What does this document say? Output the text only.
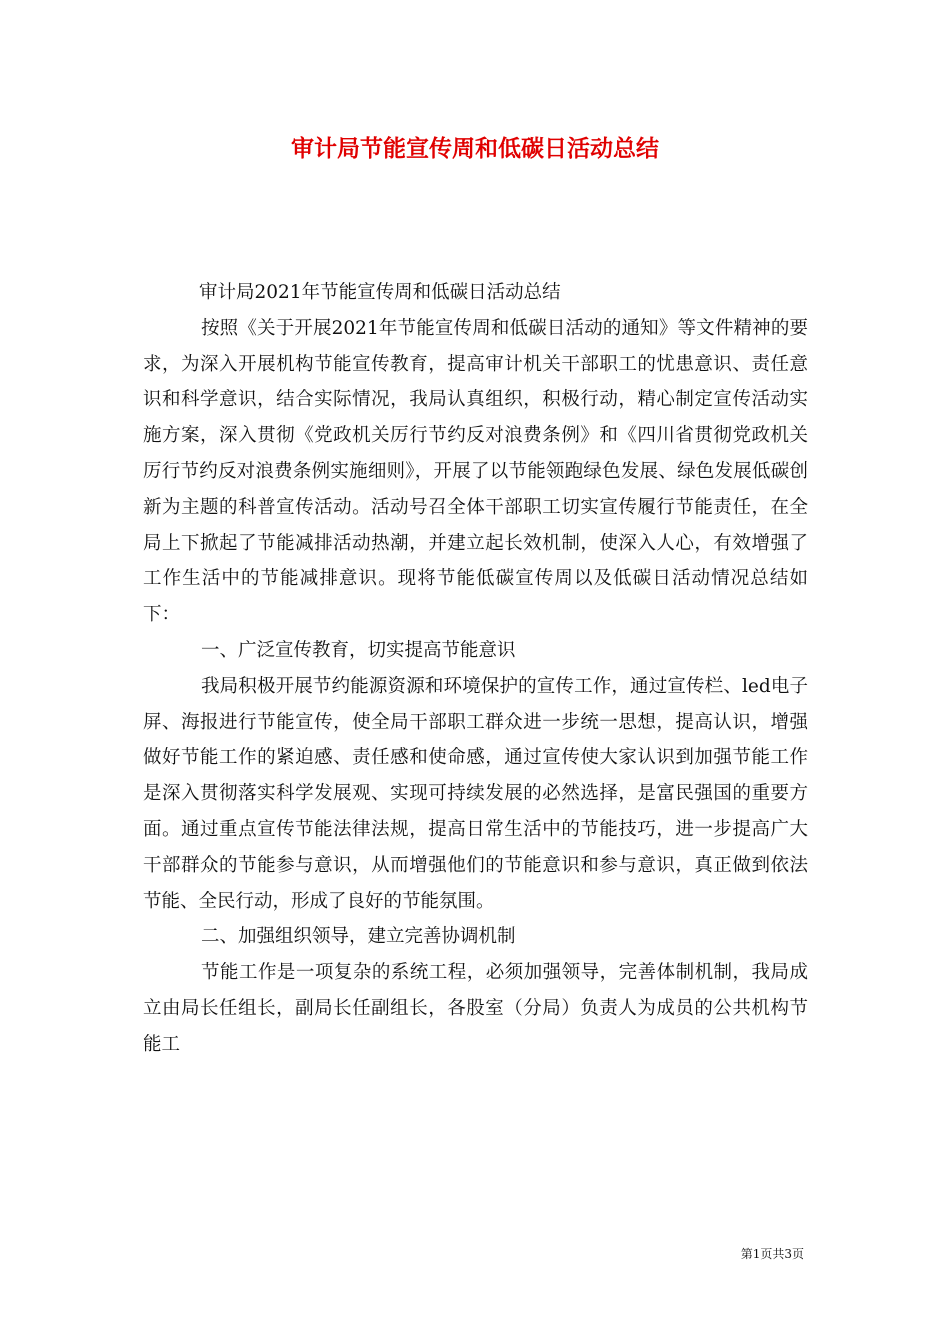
审计局节能宣传周和低碳日活动总结

审计局2021年节能宣传周和低碳日活动总结

按照《关于开展2021年节能宣传周和低碳日活动的通知》等文件精神的要求，为深入开展机构节能宣传教育，提高审计机关干部职工的忧患意识、责任意识和科学意识，结合实际情况，我局认真组织，积极行动，精心制定宣传活动实施方案，深入贯彻《党政机关厉行节约反对浪费条例》和《四川省贯彻党政机关厉行节约反对浪费条例实施细则》，开展了以节能领跑绿色发展、绿色发展低碳创新为主题的科普宣传活动。活动号召全体干部职工切实宣传履行节能责任，在全局上下掀起了节能减排活动热潮，并建立起长效机制，使深入人心，有效增强了工作生活中的节能减排意识。现将节能低碳宣传周以及低碳日活动情况总结如下：

一、广泛宣传教育，切实提高节能意识

我局积极开展节约能源资源和环境保护的宣传工作，通过宣传栏、led电子屏、海报进行节能宣传，使全局干部职工群众进一步统一思想，提高认识，增强做好节能工作的紧迫感、责任感和使命感，通过宣传使大家认识到加强节能工作是深入贯彻落实科学发展观、实现可持续发展的必然选择，是富民强国的重要方面。通过重点宣传节能法律法规，提高日常生活中的节能技巧，进一步提高广大干部群众的节能参与意识，从而增强他们的节能意识和参与意识，真正做到依法节能、全民行动，形成了良好的节能氛围。

二、加强组织领导，建立完善协调机制

节能工作是一项复杂的系统工程，必须加强领导，完善体制机制，我局成立由局长任组长，副局长任副组长，各股室（分局）负责人为成员的公共机构节能工

第1页共3页
